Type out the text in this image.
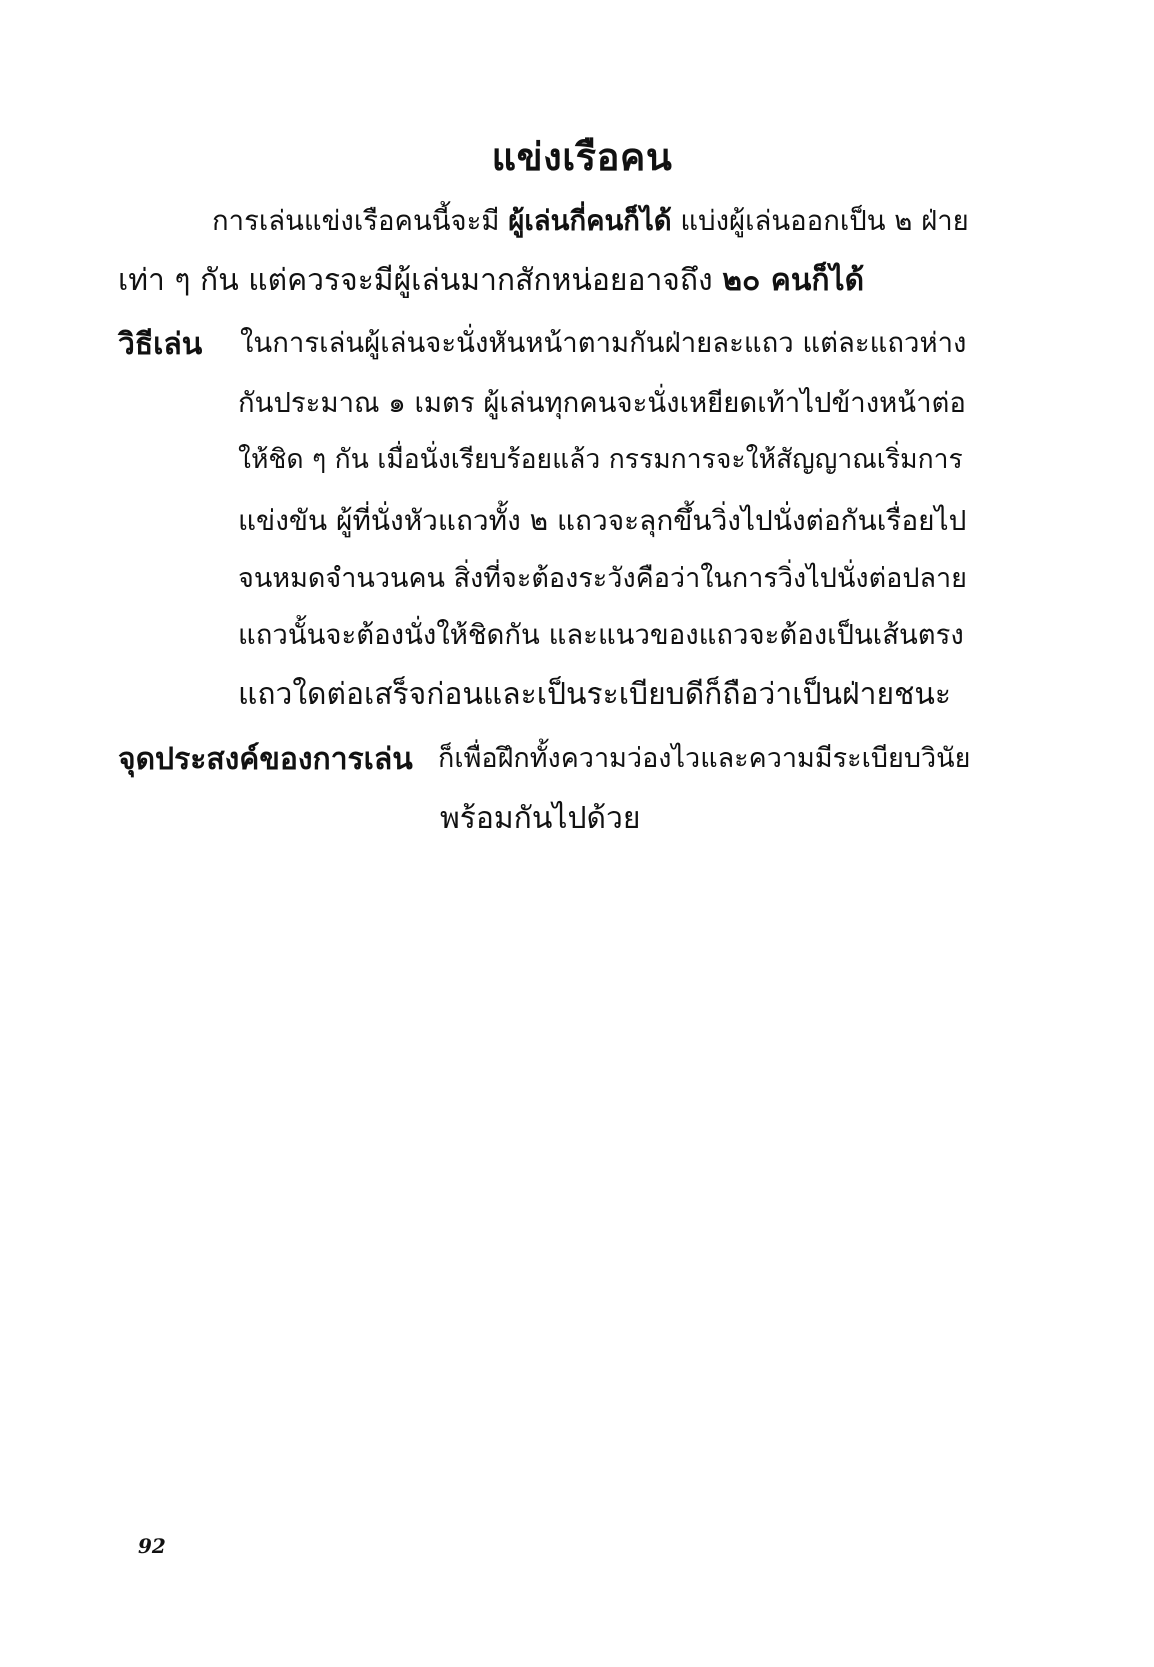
แข่งเรือคน
การเล่นแข่งเรือคนนี้จะมี ผู้เล่นกี่คนก็ได้ แบ่งผู้เล่นออกเป็น ๒ ฝ่าย
เท่า ๆ กัน แต่ควรจะมีผู้เล่นมากสักหน่อยอาจถึง ๒๐ คนก็ได้
วิธีเล่น ในการเล่นผู้เล่นจะนั่งหันหน้าตามกันฝ่ายละแถว แต่ละแถวห่าง
กันประมาณ ๑ เมตร ผู้เล่นทุกคนจะนั่งเหยียดเท้าไปข้างหน้าต่อ
ให้ชิด ๆ กัน เมื่อนั่งเรียบร้อยแล้ว กรรมการจะให้สัญญาณเริ่มการ
แข่งขัน ผู้ที่นั่งหัวแถวทั้ง ๒ แถวจะลุกขึ้นวิ่งไปนั่งต่อกันเรื่อยไป
จนหมดจำนวนคน สิ่งที่จะต้องระวังคือว่าในการวิ่งไปนั่งต่อปลาย
แถวนั้นจะต้องนั่งให้ชิดกัน และแนวของแถวจะต้องเป็นเส้นตรง
แถวใดต่อเสร็จก่อนและเป็นระเบียบดีก็ถือว่าเป็นฝ่ายชนะ
จุดประสงค์ของการเล่น ก็เพื่อฝึกทั้งความว่องไวและความมีระเบียบวินัย
พร้อมกันไปด้วย
92
